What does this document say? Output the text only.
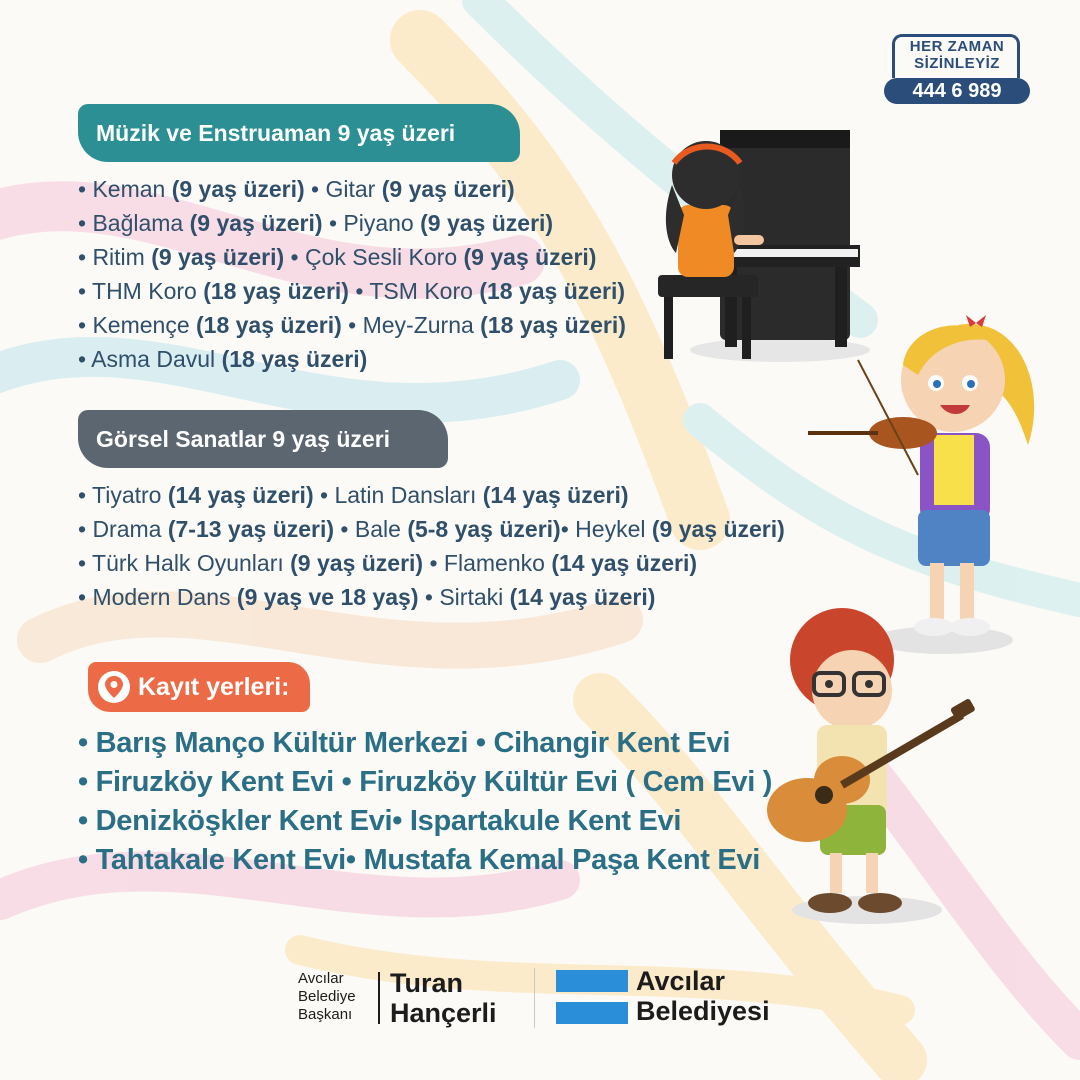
HER ZAMAN
SİZİNLEYİZ
444 6 989
Müzik ve Enstruaman 9 yaş üzeri
• Keman (9 yaş üzeri) • Gitar (9 yaş üzeri)
• Bağlama (9 yaş üzeri) • Piyano (9 yaş üzeri)
• Ritim (9 yaş üzeri) • Çok Sesli Koro (9 yaş üzeri)
• THM Koro (18 yaş üzeri) • TSM Koro (18 yaş üzeri)
• Kemençe (18 yaş üzeri) • Mey-Zurna (18 yaş üzeri)
• Asma Davul (18 yaş üzeri)
Görsel Sanatlar 9 yaş üzeri
• Tiyatro (14 yaş üzeri) • Latin Dansları (14 yaş üzeri)
• Drama (7-13 yaş üzeri) • Bale (5-8 yaş üzeri)• Heykel (9 yaş üzeri)
• Türk Halk Oyunları (9 yaş üzeri) • Flamenko (14 yaş üzeri)
• Modern Dans (9 yaş ve 18 yaş) • Sirtaki (14 yaş üzeri)
Kayıt yerleri:
• Barış Manço Kültür Merkezi • Cihangir Kent Evi
• Firuzköy Kent Evi • Firuzköy Kültür Evi ( Cem Evi )
• Denizköşkler Kent Evi• Ispartakule Kent Evi
• Tahtakale Kent Evi• Mustafa Kemal Paşa Kent Evi
Avcılar
Belediye
Başkanı
Turan
Hançerli
Avcılar
Belediyesi
